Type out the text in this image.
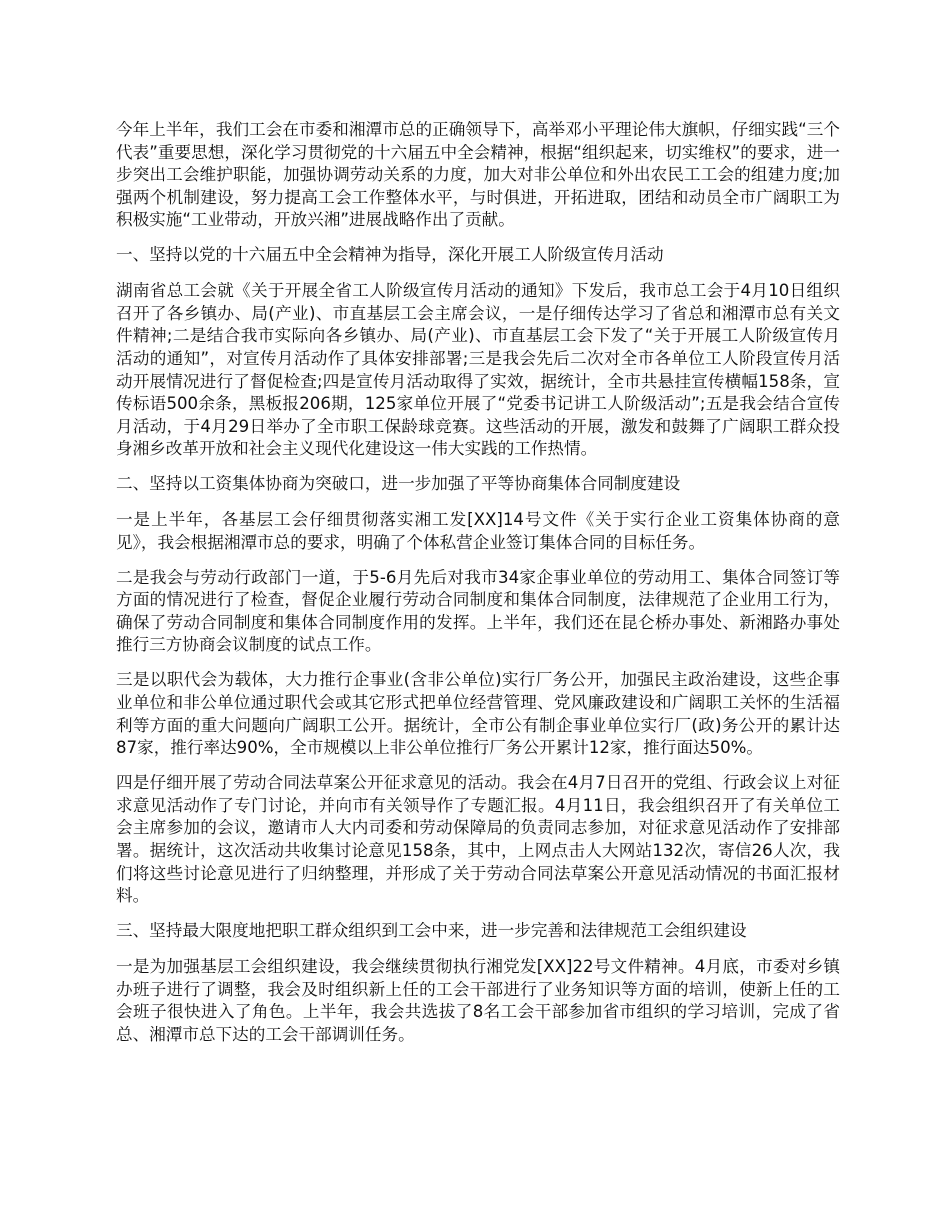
今年上半年，我们工会在市委和湘潭市总的正确领导下，高举邓小平理论伟大旗帜，仔细实践“三个代表”重要思想，深化学习贯彻党的十六届五中全会精神，根据“组织起来，切实维权”的要求，进一步突出工会维护职能，加强协调劳动关系的力度，加大对非公单位和外出农民工工会的组建力度;加强两个机制建设，努力提高工会工作整体水平，与时俱进，开拓进取，团结和动员全市广阔职工为积极实施“工业带动，开放兴湘”进展战略作出了贡献。

一、坚持以党的十六届五中全会精神为指导，深化开展工人阶级宣传月活动

湖南省总工会就《关于开展全省工人阶级宣传月活动的通知》下发后，我市总工会于4月10日组织召开了各乡镇办、局(产业)、市直基层工会主席会议，一是仔细传达学习了省总和湘潭市总有关文件精神;二是结合我市实际向各乡镇办、局(产业)、市直基层工会下发了“关于开展工人阶级宣传月活动的通知”，对宣传月活动作了具体安排部署;三是我会先后二次对全市各单位工人阶段宣传月活动开展情况进行了督促检查;四是宣传月活动取得了实效，据统计，全市共悬挂宣传横幅158条，宣传标语500余条，黑板报206期，125家单位开展了“党委书记讲工人阶级活动”;五是我会结合宣传月活动，于4月29日举办了全市职工保龄球竞赛。这些活动的开展，激发和鼓舞了广阔职工群众投身湘乡改革开放和社会主义现代化建设这一伟大实践的工作热情。

二、坚持以工资集体协商为突破口，进一步加强了平等协商集体合同制度建设

一是上半年，各基层工会仔细贯彻落实湘工发[XX]14号文件《关于实行企业工资集体协商的意见》，我会根据湘潭市总的要求，明确了个体私营企业签订集体合同的目标任务。

二是我会与劳动行政部门一道，于5-6月先后对我市34家企事业单位的劳动用工、集体合同签订等方面的情况进行了检查，督促企业履行劳动合同制度和集体合同制度，法律规范了企业用工行为，确保了劳动合同制度和集体合同制度作用的发挥。上半年，我们还在昆仑桥办事处、新湘路办事处推行三方协商会议制度的试点工作。

三是以职代会为载体，大力推行企事业(含非公单位)实行厂务公开，加强民主政治建设，这些企事业单位和非公单位通过职代会或其它形式把单位经营管理、党风廉政建设和广阔职工关怀的生活福利等方面的重大问题向广阔职工公开。据统计，全市公有制企事业单位实行厂(政)务公开的累计达87家，推行率达90%，全市规模以上非公单位推行厂务公开累计12家，推行面达50%。

四是仔细开展了劳动合同法草案公开征求意见的活动。我会在4月7日召开的党组、行政会议上对征求意见活动作了专门讨论，并向市有关领导作了专题汇报。4月11日，我会组织召开了有关单位工会主席参加的会议，邀请市人大内司委和劳动保障局的负责同志参加，对征求意见活动作了安排部署。据统计，这次活动共收集讨论意见158条，其中，上网点击人大网站132次，寄信26人次，我们将这些讨论意见进行了归纳整理，并形成了关于劳动合同法草案公开意见活动情况的书面汇报材料。

三、坚持最大限度地把职工群众组织到工会中来，进一步完善和法律规范工会组织建设

一是为加强基层工会组织建设，我会继续贯彻执行湘党发[XX]22号文件精神。4月底，市委对乡镇办班子进行了调整，我会及时组织新上任的工会干部进行了业务知识等方面的培训，使新上任的工会班子很快进入了角色。上半年，我会共选拔了8名工会干部参加省市组织的学习培训，完成了省总、湘潭市总下达的工会干部调训任务。
